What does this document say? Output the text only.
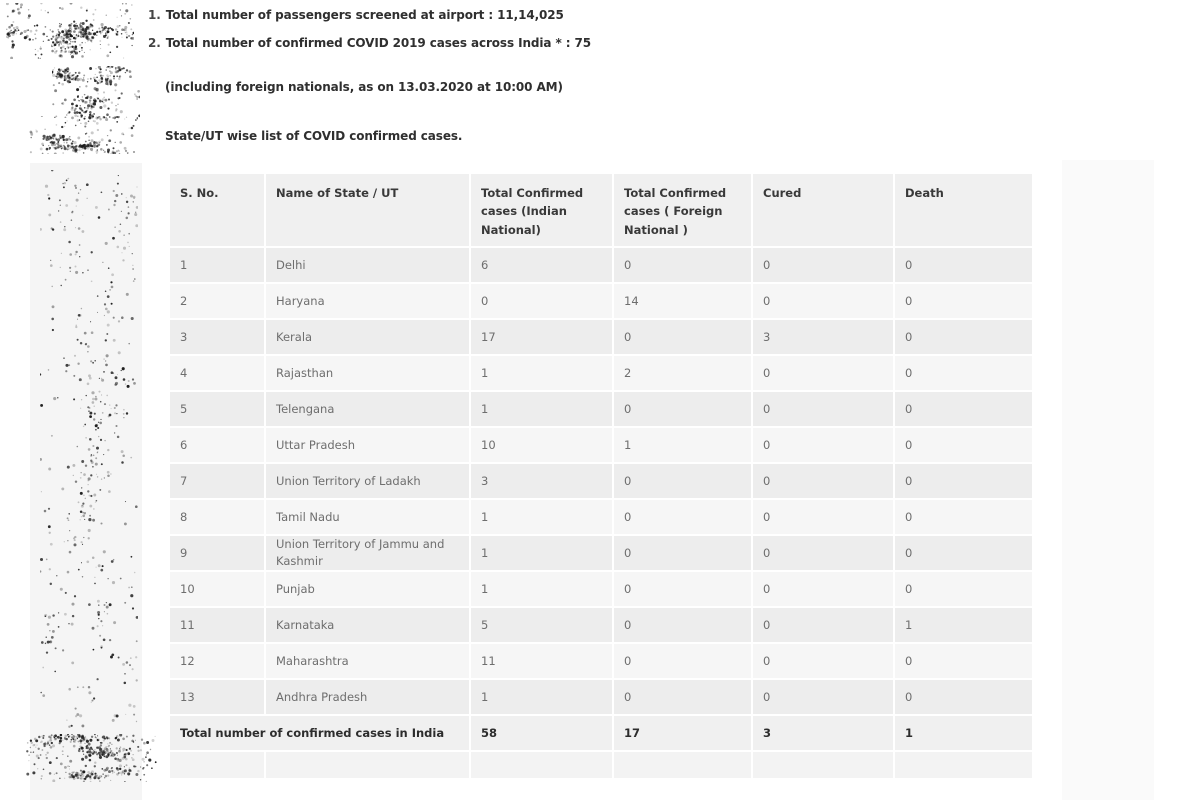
1. Total number of passengers screened at airport : 11,14,025
2. Total number of confirmed COVID 2019 cases across India * : 75
(including foreign nationals, as on 13.03.2020 at 10:00 AM)
State/UT wise list of COVID confirmed cases.
S. No.	Name of State / UT	Total Confirmed cases (Indian National)	Total Confirmed cases ( Foreign National )	Cured	Death
1	Delhi	6	0	0	0
2	Haryana	0	14	0	0
3	Kerala	17	0	3	0
4	Rajasthan	1	2	0	0
5	Telengana	1	0	0	0
6	Uttar Pradesh	10	1	0	0
7	Union Territory of Ladakh	3	0	0	0
8	Tamil Nadu	1	0	0	0
9	Union Territory of Jammu and Kashmir	1	0	0	0
10	Punjab	1	0	0	0
11	Karnataka	5	0	0	1
12	Maharashtra	11	0	0	0
13	Andhra Pradesh	1	0	0	0
Total number of confirmed cases in India		58	17	3	1
